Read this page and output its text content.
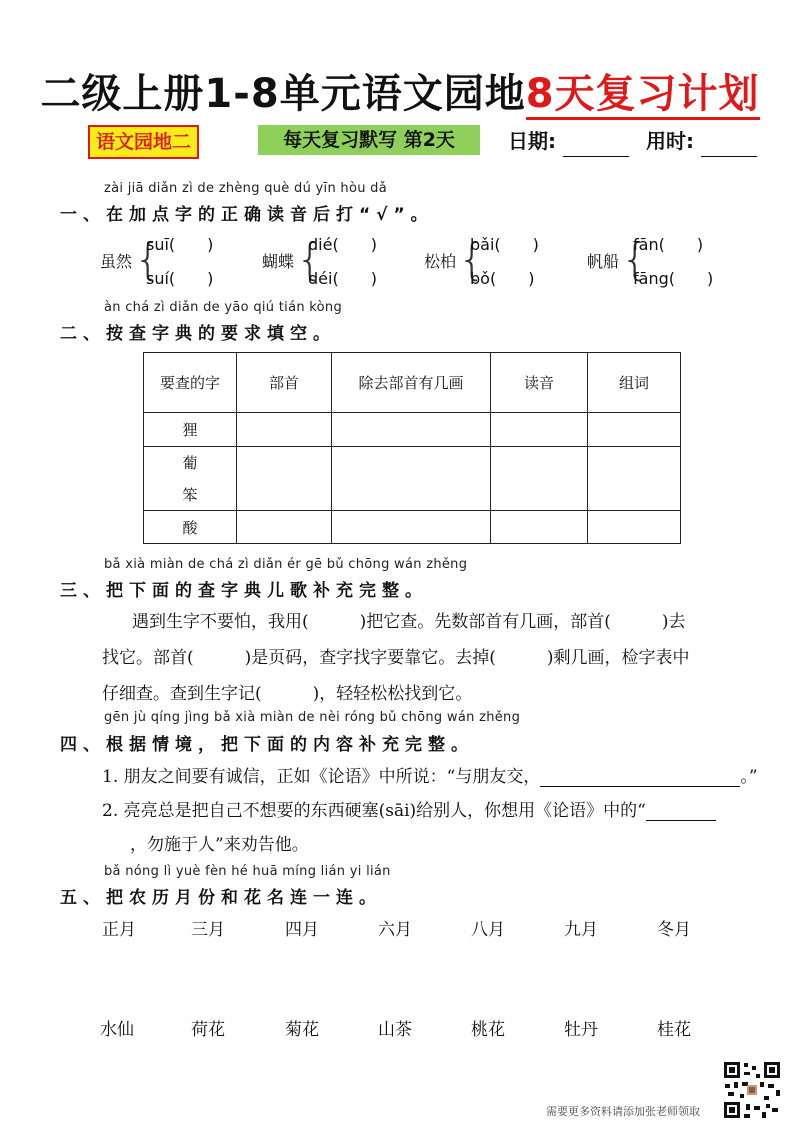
二级上册1-8单元语文园地8天复习计划
语文园地二	每天复习默写 第2天	日期:	用时:
zài jiā diǎn zì de zhèng què dú yīn hòu dǎ
一、在加点字的正确读音后打“√”。
虽然 {
suī(　　)
suí(　　)
蝴蝶 {
dié(　　)
déi(　　)
松柏 {
bǎi(　　)
bǒ(　　)
帆船 {
fān(　　)
fāng(　　)
àn chá zì diǎn de yāo qiú tián kòng
二、按查字典的要求填空。
要查的字	部首	除去部首有几画	读音	组词
狸				

葡
笨				

酸				
bǎ xià miàn de chá zì diǎn ér gē bǔ chōng wán zhěng
三、把下面的查字典儿歌补充完整。
遇到生字不要怕，我用(　　　)把它查。先数部首有几画，部首(　　　)去
找它。部首(　　　)是页码，查字找字要靠它。去掉(　　　)剩几画，检字表中
仔细查。查到生字记(　　　)，轻轻松松找到它。
gēn jù qíng jìng bǎ xià miàn de nèi róng bǔ chōng wán zhěng
四、根据情境，把下面的内容补充完整。
1. 朋友之间要有诚信，正如《论语》中所说：“与朋友交，	。”
2. 亮亮总是把自己不想要的东西硬塞(sāi)给别人，你想用《论语》中的“
，勿施于人”来劝告他。
bǎ nóng lì yuè fèn hé huā míng lián yi lián
五、把农历月份和花名连一连。
正月	三月	四月	六月	八月	九月	冬月
水仙	荷花	菊花	山茶	桃花	牡丹	桂花
需要更多资料请添加张老师领取
